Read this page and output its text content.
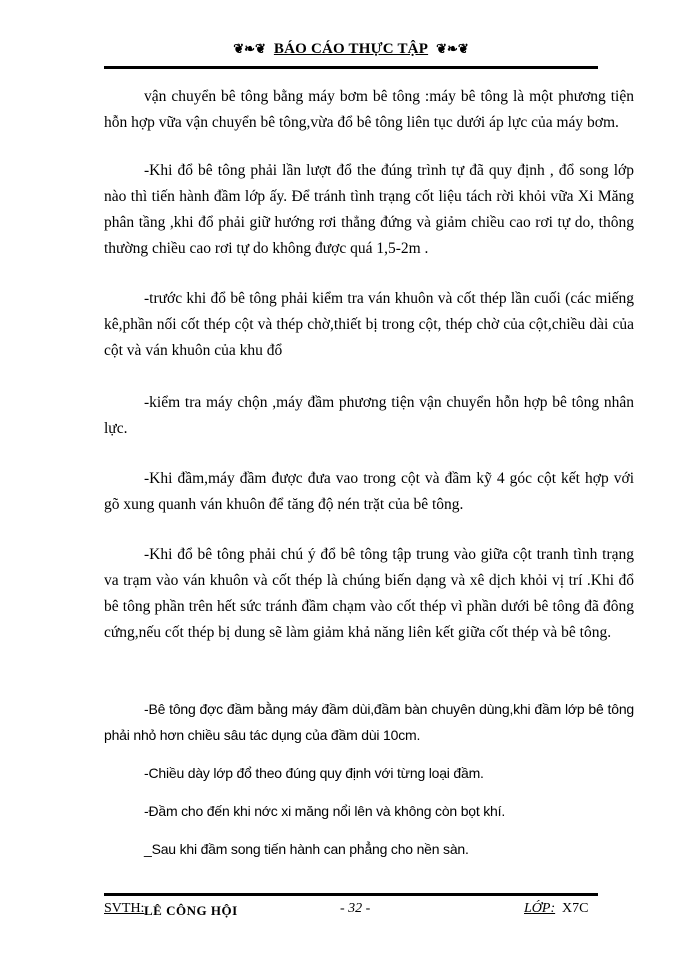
❦❧❦ BÁO CÁO THỰC TẬP ❦❧❦

vận chuyển bê tông bằng máy bơm bê tông :máy bê tông là một phương tiện hỗn hợp vữa vận chuyển bê tông,vừa đổ bê tông liên tục dưới áp lực của máy bơm.

-Khi đổ bê tông phải lần lượt đổ the đúng trình tự đã quy định , đổ song lớp nào thì tiến hành đầm lớp ấy. Để tránh tình trạng cốt liệu tách rời khỏi vữa Xi Măng phân tầng ,khi đổ phải giữ hướng rơi thẳng đứng và giảm chiều cao rơi tự do, thông thường chiều cao rơi tự do không được quá 1,5-2m .

-trước khi đổ bê tông phải kiểm tra ván khuôn và cốt thép lần cuối (các miếng kê,phần nối cốt thép cột và thép chờ,thiết bị trong cột, thép chờ của cột,chiều dài của cột và ván khuôn của khu đổ

-kiểm tra máy chộn ,máy đầm phương tiện vận chuyển hỗn hợp bê tông nhân lực.

-Khi đầm,máy đầm được đưa vao trong cột và đầm kỹ 4 góc cột kết hợp với gõ xung quanh ván khuôn để tăng độ nén trặt của bê tông.

-Khi đổ bê tông phải chú ý đổ bê tông tập trung vào giữa cột tranh tình trạng va trạm vào ván khuôn và cốt thép là chúng biến dạng và xê dịch khỏi vị trí .Khi đổ bê tông phần trên hết sức tránh đầm chạm vào cốt thép vì phần dưới bê tông đã đông cứng,nếu cốt thép bị dung sẽ làm giảm khả năng liên kết giữa cốt thép và bê tông.

-Bê tông đợc đầm bằng máy đầm dùi,đầm bàn chuyên dùng,khi đầm lớp bê tông phải nhỏ hơn chiều sâu tác dụng của đầm dùi 10cm.

-Chiều dày lớp đổ theo đúng quy định với từng loại đầm.

-Đầm cho đến khi nớc xi măng nổi lên và không còn bọt khí.

_Sau khi đầm song tiến hành can phẳng cho nền sàn.

SVTH: LÊ CÔNG HỘI	- 32 -	LỚP: X7C
